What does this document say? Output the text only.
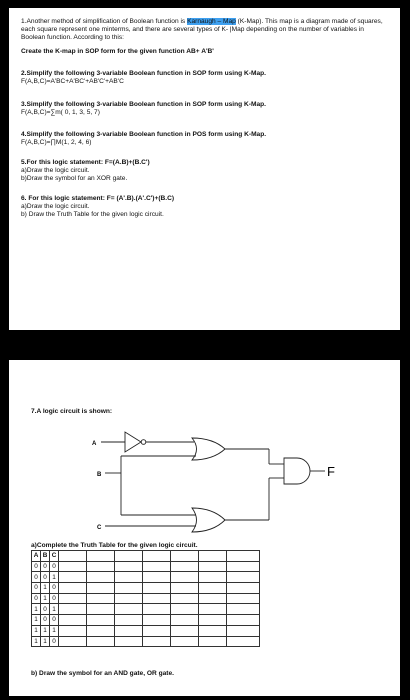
1.Another method of simplification of Boolean function is Karnaugh – Map (K-Map). This map is a diagram made of squares, each square represent one minterms, and there are several types of K- |Map depending on the number of variables in Boolean function. According to this:
Create the K-map in SOP form for the given function AB+ A'B'
2.Simplify the following 3-variable Boolean function in SOP form using K-Map.
F(A,B,C)=A'BC+A'BC'+AB'C'+AB'C
3.Simplify the following 3-variable Boolean function in SOP form using K-Map.
F(A,B,C)=∑m( 0, 1, 3, 5, 7)
4.Simplify the following 3-variable Boolean function in POS form using K-Map.
F(A,B,C)=∏M(1, 2, 4, 6)
5.For this logic statement: F=(A.B)+(B.C')
a)Draw the logic circuit.
b)Draw the symbol for an XOR gate.
6. For this logic statement: F= (A'.B).(A'.C')+(B.C)
a)Draw the logic circuit.
b) Draw the Truth Table for the given logic circuit.
7.A logic circuit is shown:
A
B
C
F
a)Complete the Truth Table for the given logic circuit.
A	B	C							
0	0	0							
0	0	1							
0	1	0							
0	1	0							
1	0	1							
1	0	0							
1	1	1							
1	1	0							
b) Draw the symbol for an AND gate, OR gate.
